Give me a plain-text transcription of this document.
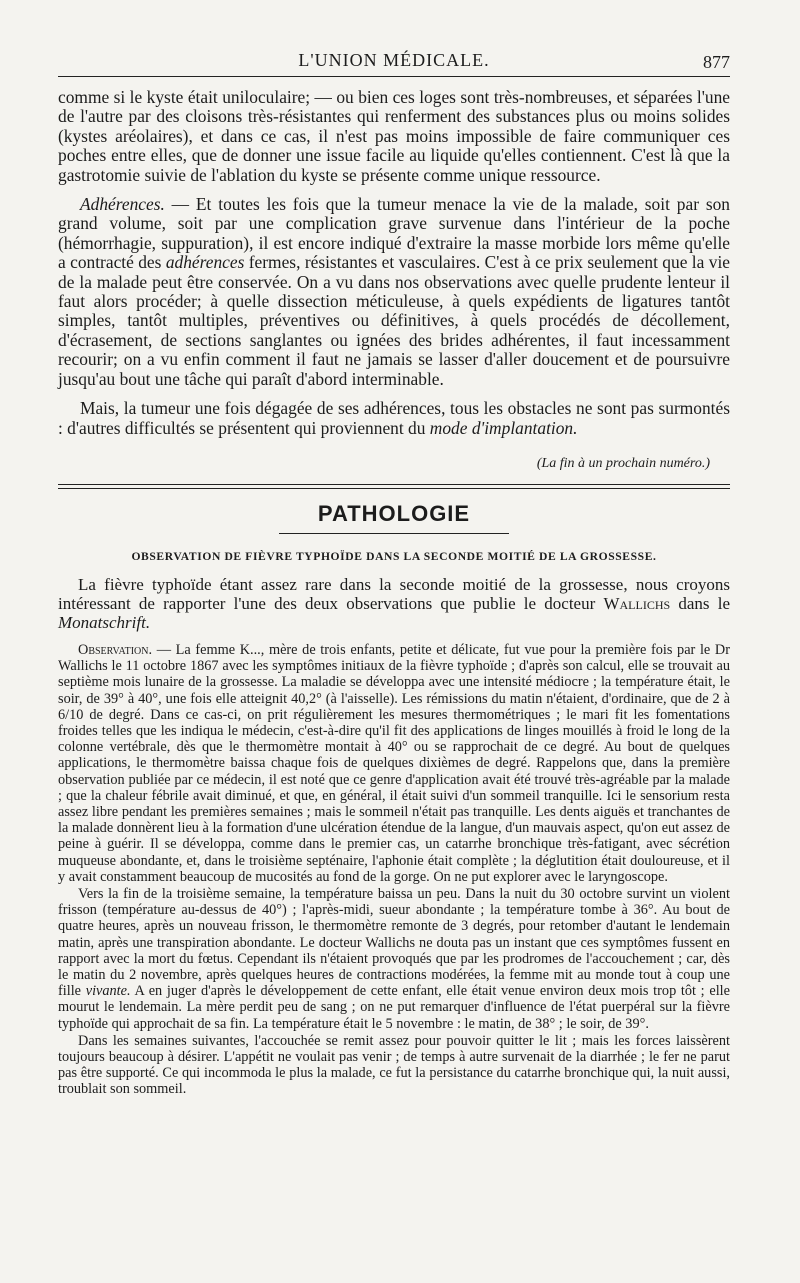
L'UNION MÉDICALE.	877

comme si le kyste était uniloculaire; — ou bien ces loges sont très-nombreuses, et séparées l'une de l'autre par des cloisons très-résistantes qui renferment des substances plus ou moins solides (kystes aréolaires), et dans ce cas, il n'est pas moins impossible de faire communiquer ces poches entre elles, que de donner une issue facile au liquide qu'elles contiennent. C'est là que la gastrotomie suivie de l'ablation du kyste se présente comme unique ressource.

Adhérences. — Et toutes les fois que la tumeur menace la vie de la malade, soit par son grand volume, soit par une complication grave survenue dans l'intérieur de la poche (hémorrhagie, suppuration), il est encore indiqué d'extraire la masse morbide lors même qu'elle a contracté des adhérences fermes, résistantes et vasculaires. C'est à ce prix seulement que la vie de la malade peut être conservée. On a vu dans nos observations avec quelle prudente lenteur il faut alors procéder; à quelle dissection méticuleuse, à quels expédients de ligatures tantôt simples, tantôt multiples, préventives ou définitives, à quels procédés de décollement, d'écrasement, de sections sanglantes ou ignées des brides adhérentes, il faut incessamment recourir; on a vu enfin comment il faut ne jamais se lasser d'aller doucement et de poursuivre jusqu'au bout une tâche qui paraît d'abord interminable.

Mais, la tumeur une fois dégagée de ses adhérences, tous les obstacles ne sont pas surmontés : d'autres difficultés se présentent qui proviennent du mode d'implantation.

(La fin à un prochain numéro.)
PATHOLOGIE
OBSERVATION DE FIÈVRE TYPHOÏDE DANS LA SECONDE MOITIÉ DE LA GROSSESSE.

La fièvre typhoïde étant assez rare dans la seconde moitié de la grossesse, nous croyons intéressant de rapporter l'une des deux observations que publie le docteur Wallichs dans le Monatschrift.

Observation. — La femme K..., mère de trois enfants, petite et délicate, fut vue pour la première fois par le Dr Wallichs le 11 octobre 1867 avec les symptômes initiaux de la fièvre typhoïde ; d'après son calcul, elle se trouvait au septième mois lunaire de la grossesse. La maladie se développa avec une intensité médiocre ; la température était, le soir, de 39° à 40°, une fois elle atteignit 40,2° (à l'aisselle). Les rémissions du matin n'étaient, d'ordinaire, que de 2 à 6/10 de degré. Dans ce cas-ci, on prit régulièrement les mesures thermométriques ; le mari fit les fomentations froides telles que les indiqua le médecin, c'est-à-dire qu'il fit des applications de linges mouillés à froid le long de la colonne vertébrale, dès que le thermomètre montait à 40° ou se rapprochait de ce degré. Au bout de quelques applications, le thermomètre baissa chaque fois de quelques dixièmes de degré. Rappelons que, dans la première observation publiée par ce médecin, il est noté que ce genre d'application avait été trouvé très-agréable par la malade ; que la chaleur fébrile avait diminué, et que, en général, il était suivi d'un sommeil tranquille. Ici le sensorium resta assez libre pendant les premières semaines ; mais le sommeil n'était pas tranquille. Les dents aiguës et tranchantes de la malade donnèrent lieu à la formation d'une ulcération étendue de la langue, d'un mauvais aspect, qu'on eut assez de peine à guérir. Il se développa, comme dans le premier cas, un catarrhe bronchique très-fatigant, avec sécrétion muqueuse abondante, et, dans le troisième septénaire, l'aphonie était complète ; la déglutition était douloureuse, et il y avait constamment beaucoup de mucosités au fond de la gorge. On ne put explorer avec le laryngoscope.

Vers la fin de la troisième semaine, la température baissa un peu. Dans la nuit du 30 octobre survint un violent frisson (température au-dessus de 40°) ; l'après-midi, sueur abondante ; la température tombe à 36°. Au bout de quatre heures, après un nouveau frisson, le thermomètre remonte de 3 degrés, pour retomber d'autant le lendemain matin, après une transpiration abondante. Le docteur Wallichs ne douta pas un instant que ces symptômes fussent en rapport avec la mort du fœtus. Cependant ils n'étaient provoqués que par les prodromes de l'accouchement ; car, dès le matin du 2 novembre, après quelques heures de contractions modérées, la femme mit au monde tout à coup une fille vivante. A en juger d'après le développement de cette enfant, elle était venue environ deux mois trop tôt ; elle mourut le lendemain. La mère perdit peu de sang ; on ne put remarquer d'influence de l'état puerpéral sur la fièvre typhoïde qui approchait de sa fin. La température était le 5 novembre : le matin, de 38° ; le soir, de 39°.

Dans les semaines suivantes, l'accouchée se remit assez pour pouvoir quitter le lit ; mais les forces laissèrent toujours beaucoup à désirer. L'appétit ne voulait pas venir ; de temps à autre survenait de la diarrhée ; le fer ne parut pas être supporté. Ce qui incommoda le plus la malade, ce fut la persistance du catarrhe bronchique qui, la nuit aussi, troublait son sommeil.
